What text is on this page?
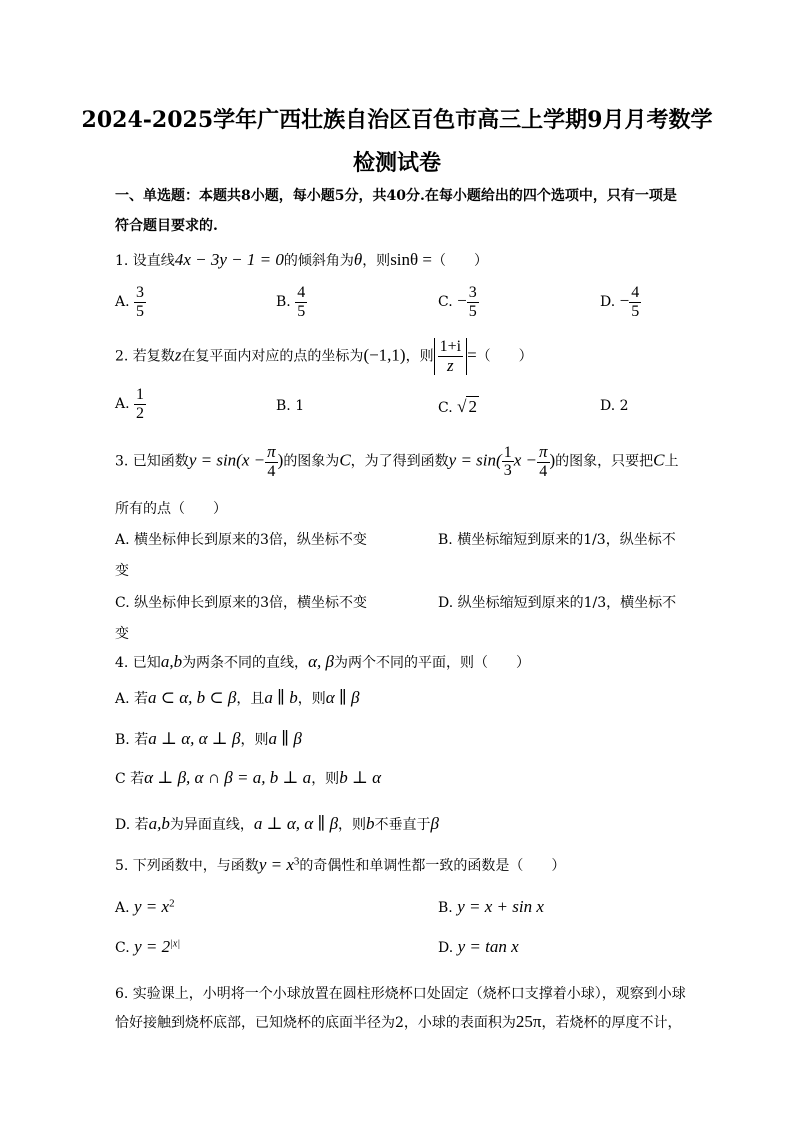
2024-2025学年广西壮族自治区百色市高三上学期9月月考数学
检测试卷
一、单选题：本题共8小题，每小题5分，共40分.在每小题给出的四个选项中，只有一项是
符合题目要求的.
1. 设直线4x − 3y − 1 = 0的倾斜角为θ，则sinθ =（　　）
A. $\frac{3}{5}$	B. $\frac{4}{5}$	C. − $\frac{3}{5}$	D. − $\frac{4}{5}$
2. 若复数z在复平面内对应的点的坐标为(−1,1)，则 $\frac{1+i}{z}$ =（　　）
A. $\frac{1}{2}$	B. 1	C. √ 2	D. 2
3. 已知函数$y = \sin(x - \frac{\pi}{4}$ )的图象为C，为了得到函数$y = \sin( \frac{1}{3}$ $x - \frac{\pi}{4}$ )的图象，只要把C上
所有的点（　　）
A. 横坐标伸长到原来的3倍，纵坐标不变	B. 横坐标缩短到原来的1/3，纵坐标不
变
C. 纵坐标伸长到原来的3倍，横坐标不变	D. 纵坐标缩短到原来的1/3，横坐标不
变
4. 已知a,b为两条不同的直线，α, β为两个不同的平面，则（　　）
A. 若a ⊂ α, b ⊂ β，且a ∥ b，则α ∥ β
B. 若a ⊥ α, α ⊥ β，则a ∥ β
C 若α ⊥ β, α ∩ β = a, b ⊥ a，则b ⊥ α
D. 若a,b为异面直线，a ⊥ α, α ∥ β，则b不垂直于β
5. 下列函数中，与函数$y = x^3$的奇偶性和单调性都一致的函数是（　　）
A. $y = x^2$	B. y = x + sin x
C. $y = 2^{|x|}$	D. y = tan x
6. 实验课上，小明将一个小球放置在圆柱形烧杯口处固定（烧杯口支撑着小球），观察到小球
恰好接触到烧杯底部，已知烧杯的底面半径为2，小球的表面积为25π，若烧杯的厚度不计，
